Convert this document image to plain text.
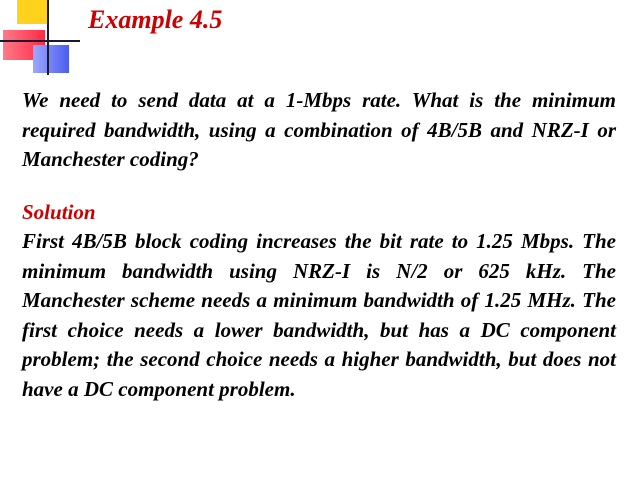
Example 4.5

We need to send data at a 1-Mbps rate. What is the minimum required bandwidth, using a combination of 4B/5B and NRZ-I or Manchester coding?

Solution

First 4B/5B block coding increases the bit rate to 1.25 Mbps. The minimum bandwidth using NRZ-I is N/2 or 625 kHz. The Manchester scheme needs a minimum bandwidth of 1.25 MHz. The first choice needs a lower bandwidth, but has a DC component problem; the second choice needs a higher bandwidth, but does not have a DC component problem.
